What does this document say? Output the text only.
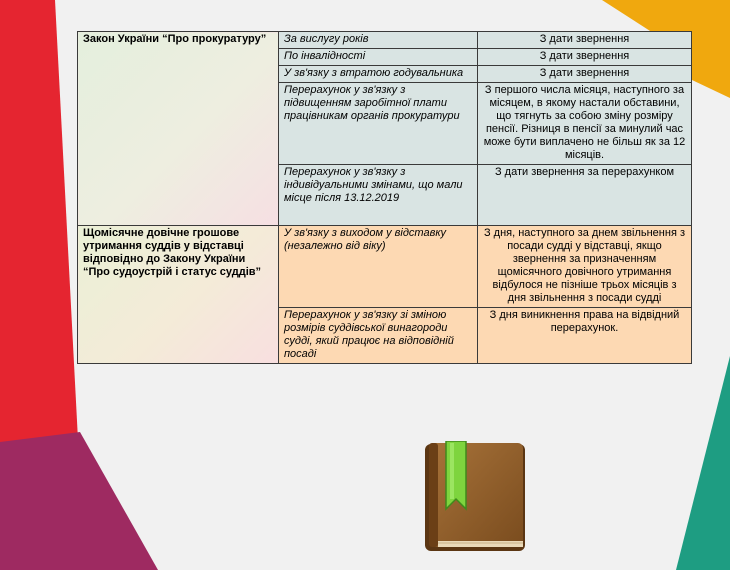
Закон України “Про прокуратуру”	За вислугу років	З дати звернення
	По інвалідності	З дати звернення
	У зв'язку з втратою годувальника	З дати звернення
	Перерахунок у зв'язку з підвищенням заробітної плати працівникам органів прокуратури	З першого числа місяця, наступного за місяцем, в якому настали обставини, що тягнуть за собою зміну розміру пенсії. Різниця в пенсії за минулий час може бути виплачено не більш як за 12 місяців.
	Перерахунок у зв'язку з індивідуальними змінами, що мали місце після 13.12.2019	З дати звернення за перерахунком
Щомісячне довічне грошове утримання суддів у відставці відповідно до Закону України “Про судоустрій і статус суддів”	У зв'язку з виходом у відставку (незалежно від віку)	З дня, наступного за днем звільнення з посади судді у відставці, якщо звернення за призначенням щомісячного довічного утримання відбулося не пізніше трьох місяців з дня звільнення з посади судді
	Перерахунок у зв'язку зі зміною розмірів суддівської винагороди судді, який працює на відповідній посаді	З дня виникнення права на відвідний перерахунок.
